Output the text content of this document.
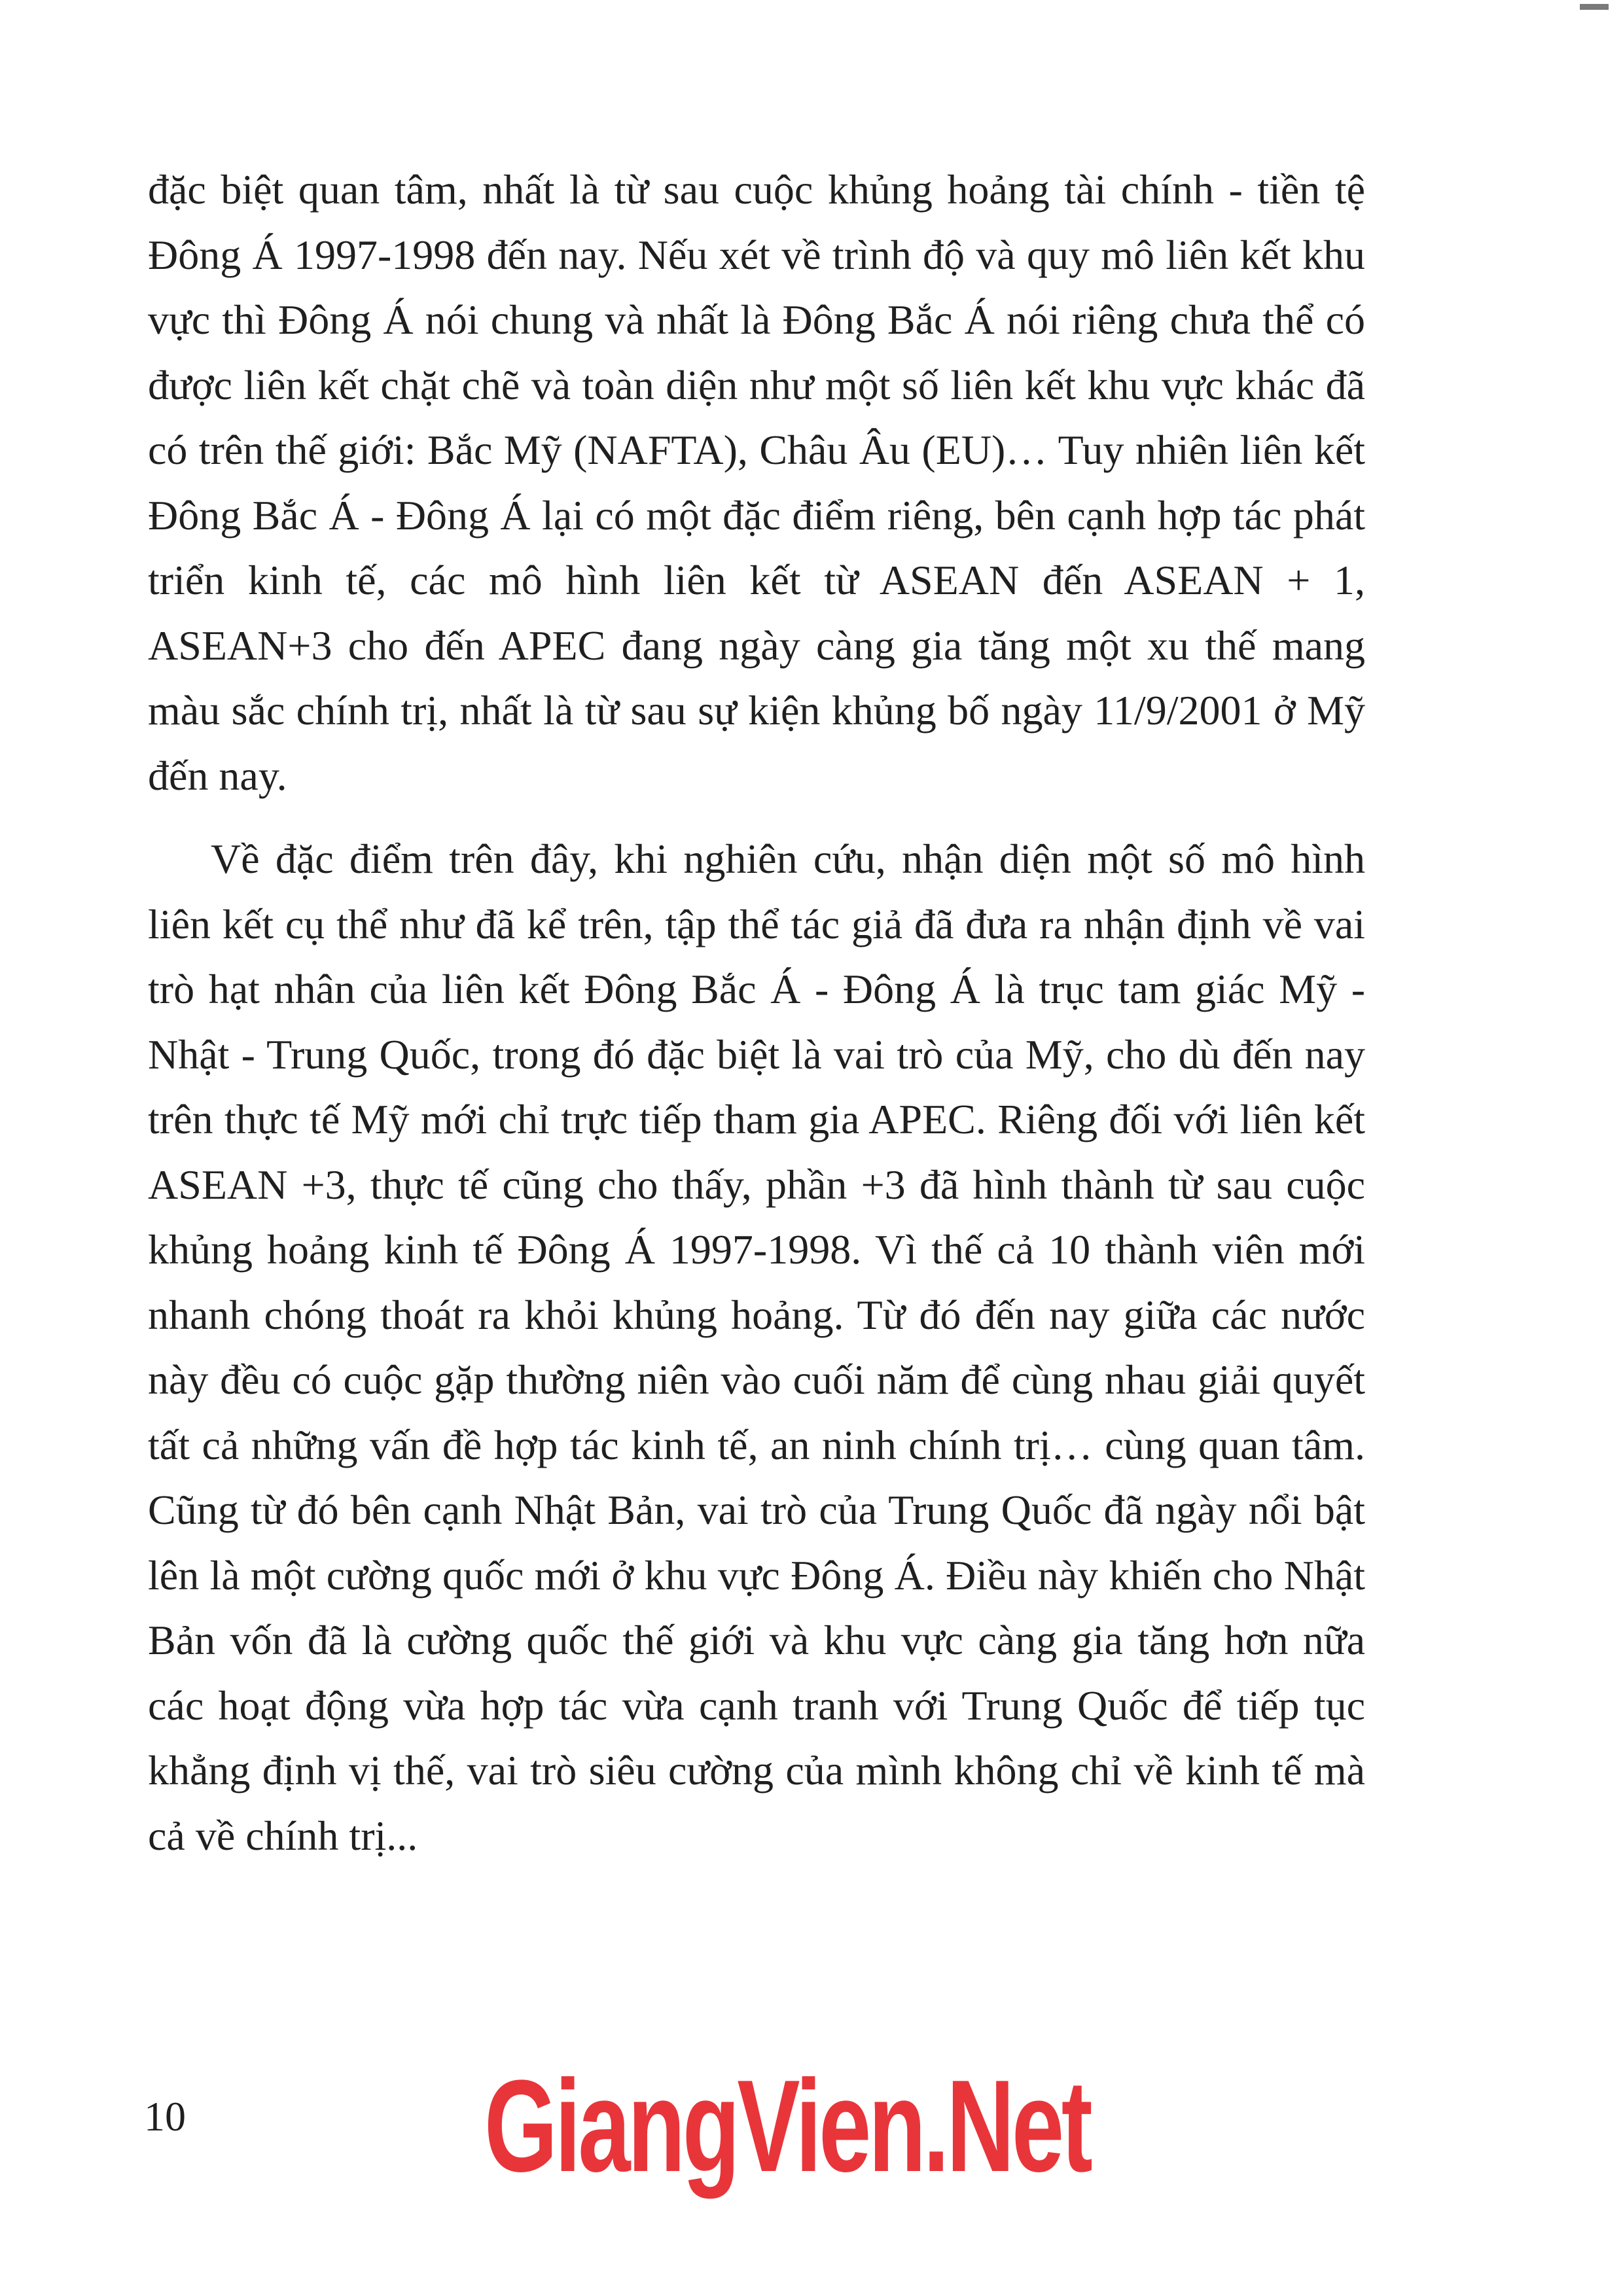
đặc biệt quan tâm, nhất là từ sau cuộc khủng hoảng tài chính - tiền tệ Đông Á 1997-1998 đến nay. Nếu xét về trình độ và quy mô liên kết khu vực thì Đông Á nói chung và nhất là Đông Bắc Á nói riêng chưa thể có được liên kết chặt chẽ và toàn diện như một số liên kết khu vực khác đã có trên thế giới: Bắc Mỹ (NAFTA), Châu Âu (EU)… Tuy nhiên liên kết Đông Bắc Á - Đông Á lại có một đặc điểm riêng, bên cạnh hợp tác phát triển kinh tế, các mô hình liên kết từ ASEAN đến ASEAN + 1, ASEAN+3 cho đến APEC đang ngày càng gia tăng một xu thế mang màu sắc chính trị, nhất là từ sau sự kiện khủng bố ngày 11/9/2001 ở Mỹ đến nay.

Về đặc điểm trên đây, khi nghiên cứu, nhận diện một số mô hình liên kết cụ thể như đã kể trên, tập thể tác giả đã đưa ra nhận định về vai trò hạt nhân của liên kết Đông Bắc Á - Đông Á là trục tam giác Mỹ - Nhật - Trung Quốc, trong đó đặc biệt là vai trò của Mỹ, cho dù đến nay trên thực tế Mỹ mới chỉ trực tiếp tham gia APEC. Riêng đối với liên kết ASEAN +3, thực tế cũng cho thấy, phần +3 đã hình thành từ sau cuộc khủng hoảng kinh tế Đông Á 1997-1998. Vì thế cả 10 thành viên mới nhanh chóng thoát ra khỏi khủng hoảng. Từ đó đến nay giữa các nước này đều có cuộc gặp thường niên vào cuối năm để cùng nhau giải quyết tất cả những vấn đề hợp tác kinh tế, an ninh chính trị… cùng quan tâm. Cũng từ đó bên cạnh Nhật Bản, vai trò của Trung Quốc đã ngày nổi bật lên là một cường quốc mới ở khu vực Đông Á. Điều này khiến cho Nhật Bản vốn đã là cường quốc thế giới và khu vực càng gia tăng hơn nữa các hoạt động vừa hợp tác vừa cạnh tranh với Trung Quốc để tiếp tục khẳng định vị thế, vai trò siêu cường của mình không chỉ về kinh tế mà cả về chính trị...

10 GiangVien.Net
